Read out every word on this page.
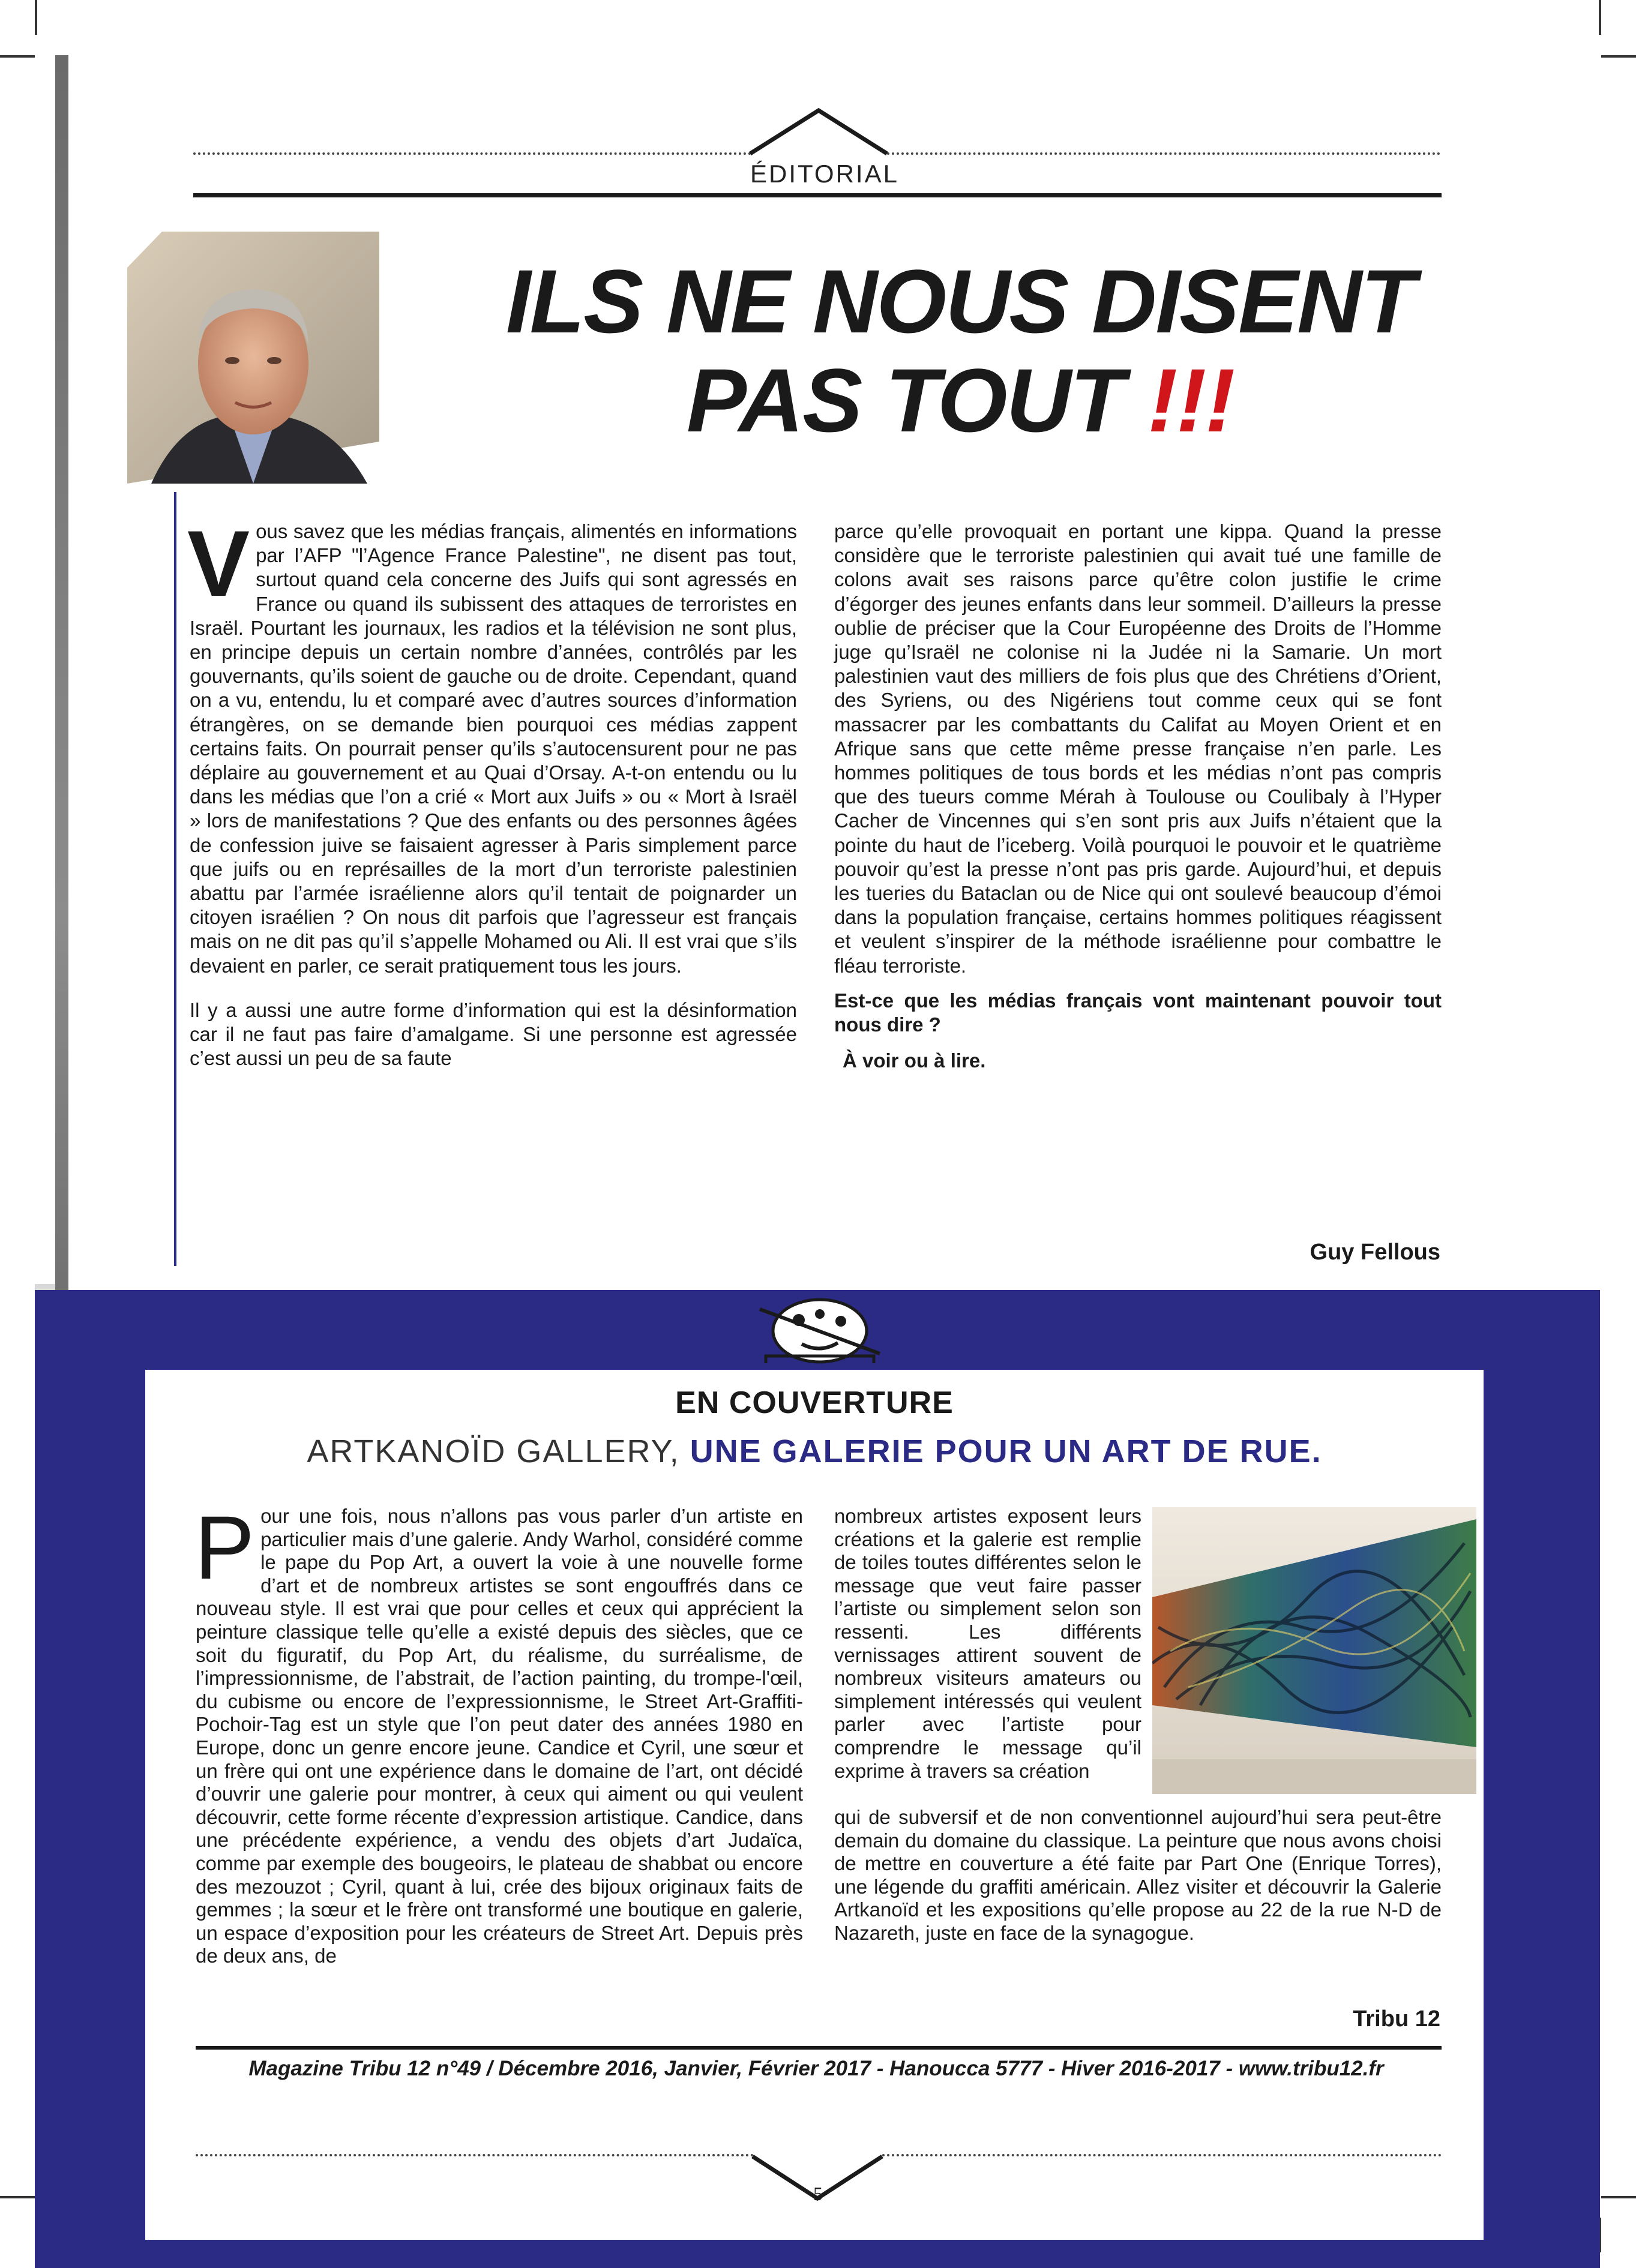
ÉDITORIAL
ILS NE NOUS DISENT
PAS TOUT !!!

Vous savez que les médias français, alimentés en informations par l’AFP "l’Agence France Palestine", ne disent pas tout, surtout quand cela concerne des Juifs qui sont agressés en France ou quand ils subissent des attaques de terroristes en Israël. Pourtant les journaux, les radios et la télévision ne sont plus, en principe depuis un certain nombre d’années, contrôlés par les gouvernants, qu’ils soient de gauche ou de droite. Cependant, quand on a vu, entendu, lu et comparé avec d’autres sources d’information étrangères, on se demande bien pourquoi ces médias zappent certains faits. On pourrait penser qu’ils s’autocensurent pour ne pas déplaire au gouvernement et au Quai d’Orsay. A-t-on entendu ou lu dans les médias que l’on a crié « Mort aux Juifs » ou « Mort à Israël » lors de manifestations ? Que des enfants ou des personnes âgées de confession juive se faisaient agresser à Paris simplement parce que juifs ou en représailles de la mort d’un terroriste palestinien abattu par l’armée israélienne alors qu’il tentait de poignarder un citoyen israélien ? On nous dit parfois que l’agresseur est français mais on ne dit pas qu’il s’appelle Mohamed ou Ali. Il est vrai que s’ils devaient en parler, ce serait pratiquement tous les jours.

Il y a aussi une autre forme d’information qui est la désinformation car il ne faut pas faire d’amalgame. Si une personne est agressée c’est aussi un peu de sa faute

parce qu’elle provoquait en portant une kippa. Quand la presse considère que le terroriste palestinien qui avait tué une famille de colons avait ses raisons parce qu’être colon justifie le crime d’égorger des jeunes enfants dans leur sommeil. D’ailleurs la presse oublie de préciser que la Cour Européenne des Droits de l’Homme juge qu’Israël ne colonise ni la Judée ni la Samarie. Un mort palestinien vaut des milliers de fois plus que des Chrétiens d’Orient, des Syriens, ou des Nigériens tout comme ceux qui se font massacrer par les combattants du Califat au Moyen Orient et en Afrique sans que cette même presse française n’en parle. Les hommes politiques de tous bords et les médias n’ont pas compris que des tueurs comme Mérah à Toulouse ou Coulibaly à l’Hyper Cacher de Vincennes qui s’en sont pris aux Juifs n’étaient que la pointe du haut de l’iceberg. Voilà pourquoi le pouvoir et le quatrième pouvoir qu’est la presse n’ont pas pris garde. Aujourd’hui, et depuis les tueries du Bataclan ou de Nice qui ont soulevé beaucoup d’émoi dans la population française, certains hommes politiques réagissent et veulent s’inspirer de la méthode israélienne pour combattre le fléau terroriste.

Est-ce que les médias français vont maintenant pouvoir tout nous dire ?

À voir ou à lire.

Guy Fellous
EN COUVERTURE
ARTKANOÏD GALLERY, UNE GALERIE POUR UN ART DE RUE.
Pour une fois, nous n’allons pas vous parler d’un artiste en particulier mais d’une galerie. Andy Warhol, considéré comme le pape du Pop Art, a ouvert la voie à une nouvelle forme d’art et de nombreux artistes se sont engouffrés dans ce nouveau style. Il est vrai que pour celles et ceux qui apprécient la peinture classique telle qu’elle a existé depuis des siècles, que ce soit du figuratif, du Pop Art, du réalisme, du surréalisme, de l’impressionnisme, de l’abstrait, de l’action painting, du trompe-l'œil, du cubisme ou encore de l’expressionnisme, le Street Art-Graffiti-Pochoir-Tag est un style que l’on peut dater des années 1980 en Europe, donc un genre encore jeune. Candice et Cyril, une sœur et un frère qui ont une expérience dans le domaine de l’art, ont décidé d’ouvrir une galerie pour montrer, à ceux qui aiment ou qui veulent découvrir, cette forme récente d’expression artistique. Candice, dans une précédente expérience, a vendu des objets d’art Judaïca, comme par exemple des bougeoirs, le plateau de shabbat ou encore des mezouzot ; Cyril, quant à lui, crée des bijoux originaux faits de gemmes ; la sœur et le frère ont transformé une boutique en galerie, un espace d’exposition pour les créateurs de Street Art. Depuis près de deux ans, de
nombreux artistes exposent leurs créations et la galerie est remplie de toiles toutes différentes selon le message que veut faire passer l’artiste ou simplement selon son ressenti. Les différents vernissages attirent souvent de nombreux visiteurs amateurs ou simplement intéressés qui veulent parler avec l’artiste pour comprendre le message qu’il exprime à travers sa création
qui de subversif et de non conventionnel aujourd’hui sera peut-être demain du domaine du classique. La peinture que nous avons choisi de mettre en couverture a été faite par Part One (Enrique Torres), une légende du graffiti américain. Allez visiter et découvrir la Galerie Artkanoïd et les expositions qu’elle propose au 22 de la rue N-D de Nazareth, juste en face de la synagogue.
Tribu 12
Magazine Tribu 12 n°49 / Décembre 2016, Janvier, Février 2017 - Hanoucca 5777 - Hiver 2016-2017 - www.tribu12.fr
5
